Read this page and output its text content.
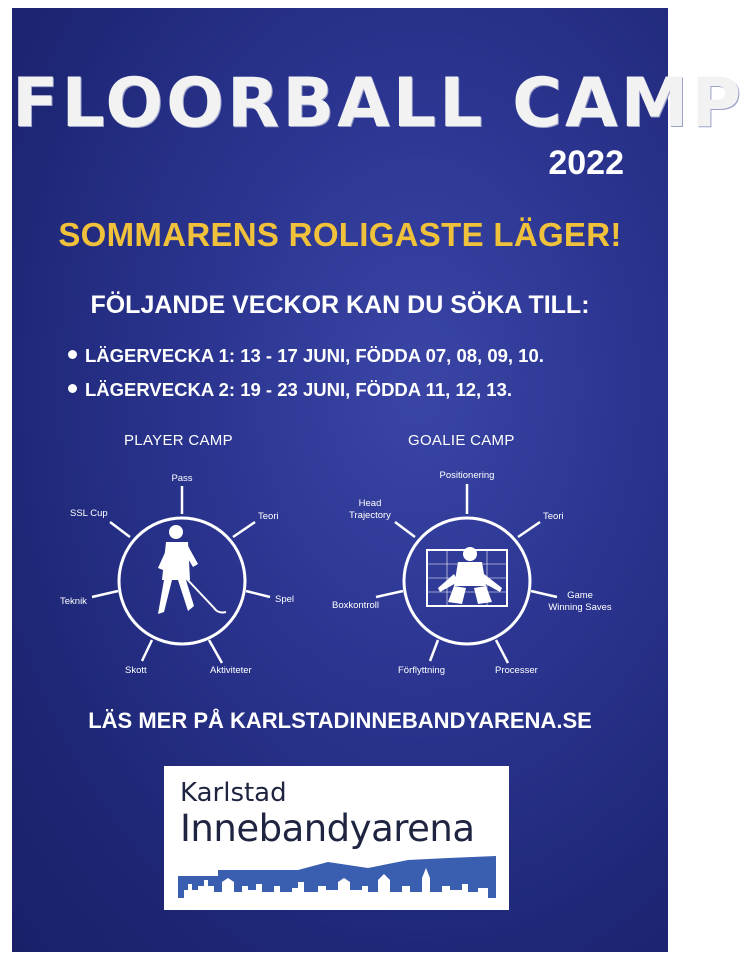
FLOORBALL CAMP
2022
SOMMARENS ROLIGASTE LÄGER!
FÖLJANDE VECKOR KAN DU SÖKA TILL:
LÄGERVECKA 1: 13 - 17 JUNI, FÖDDA 07, 08, 09, 10.
LÄGERVECKA 2: 19 - 23 JUNI, FÖDDA 11, 12, 13.
PLAYER CAMP	GOALIE CAMP
Pass
Teori
Spel
Aktiviteter
Skott
Teknik
SSL Cup
Positionering
Teori
Game
Winning Saves
Processer
Förflyttning
Boxkontroll
Head
Trajectory
LÄS MER PÅ KARLSTADINNEBANDYARENA.SE
Karlstad
Innebandyarena
